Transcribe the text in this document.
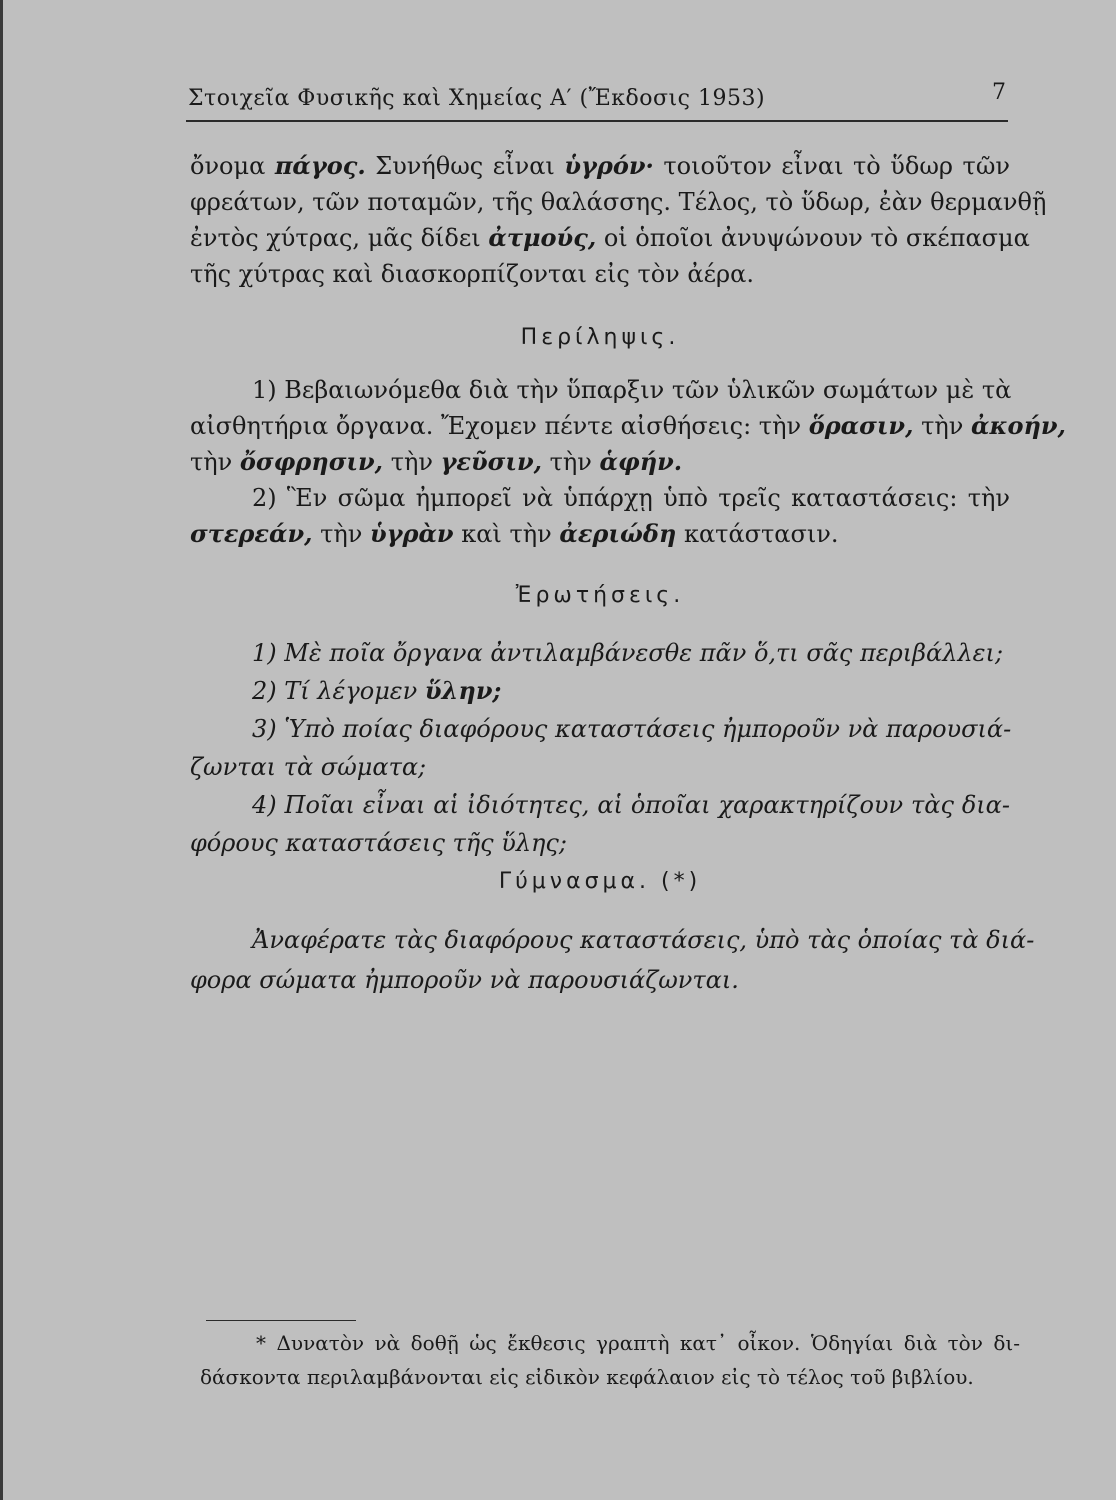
Στοιχεῖα Φυσικῆς καὶ Χημείας Α′ (Ἔκδοσις 1953)	7
ὄνομα πάγος. Συνήθως εἶναι ὑγρόν· τοιοῦτον εἶναι τὸ ὕδωρ τῶν
φρεάτων, τῶν ποταμῶν, τῆς θαλάσσης. Τέλος, τὸ ὕδωρ, ἐὰν θερμανθῇ
ἐντὸς χύτρας, μᾶς δίδει ἀτμούς, οἱ ὁποῖοι ἀνυψώνουν τὸ σκέπασμα
τῆς χύτρας καὶ διασκορπίζονται εἰς τὸν ἀέρα.
Περίληψις.
1) Βεβαιωνόμεθα διὰ τὴν ὕπαρξιν τῶν ὑλικῶν σωμάτων μὲ τὰ
αἰσθητήρια ὄργανα. Ἔχομεν πέντε αἰσθήσεις: τὴν ὅρασιν, τὴν ἀκοήν,
τὴν ὄσφρησιν, τὴν γεῦσιν, τὴν ἁφήν.
2) Ἓν σῶμα ἠμπορεῖ νὰ ὑπάρχῃ ὑπὸ τρεῖς καταστάσεις: τὴν
στερεάν, τὴν ὑγρὰν καὶ τὴν ἀεριώδη κατάστασιν.
Ἐρωτήσεις.
1) Μὲ ποῖα ὄργανα ἀντιλαμβάνεσθε πᾶν ὅ,τι σᾶς περιβάλλει;
2) Τί λέγομεν ὕλην;
3) Ὑπὸ ποίας διαφόρους καταστάσεις ἠμποροῦν νὰ παρουσιά-
ζωνται τὰ σώματα;
4) Ποῖαι εἶναι αἱ ἰδιότητες, αἱ ὁποῖαι χαρακτηρίζουν τὰς δια-
φόρους καταστάσεις τῆς ὕλης;
Γύμνασμα. (*)
Ἀναφέρατε τὰς διαφόρους καταστάσεις, ὑπὸ τὰς ὁποίας τὰ διά-
φορα σώματα ἠμποροῦν νὰ παρουσιάζωνται.
* Δυνατὸν νὰ δοθῇ ὡς ἔκθεσις γραπτὴ κατ᾽ οἶκον. Ὁδηγίαι διὰ τὸν δι-
δάσκοντα περιλαμβάνονται εἰς εἰδικὸν κεφάλαιον εἰς τὸ τέλος τοῦ βιβλίου.
